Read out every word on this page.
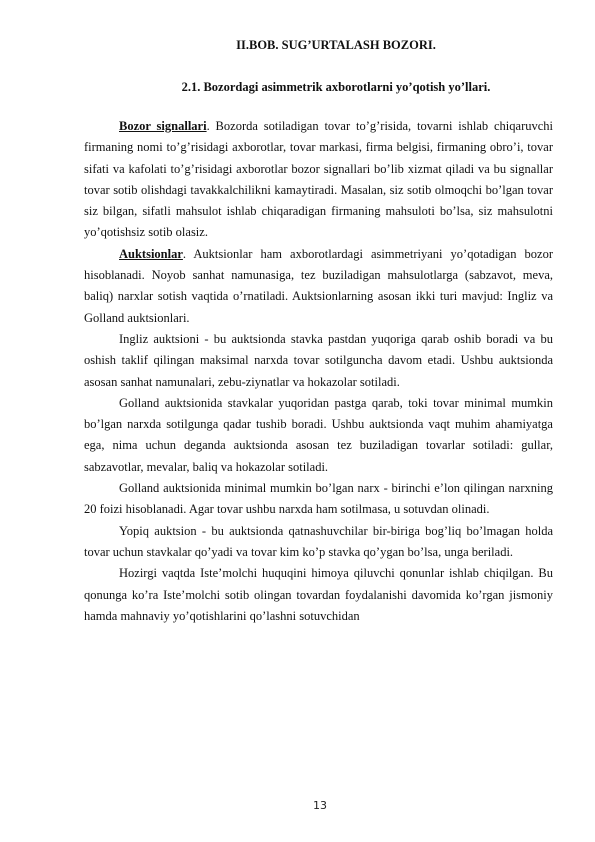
II.BOB. SUG’URTALASH BOZORI.
2.1. Bozordagi asimmetrik axborotlarni yo’qotish yo’llari.

Bozor signallari. Bozorda sotiladigan tovar to’g’risida, tovarni ishlab chiqaruvchi firmaning nomi to’g’risidagi axborotlar, tovar markasi, firma belgisi, firmaning obro’i, tovar sifati va kafolati to’g’risidagi axborotlar bozor signallari bo’lib xizmat qiladi va bu signallar tovar sotib olishdagi tavakkalchilikni kamaytiradi. Masalan, siz sotib olmoqchi bo’lgan tovar siz bilgan, sifatli mahsulot ishlab chiqaradigan firmaning mahsuloti bo’lsa, siz mahsulotni yo’qotishsiz sotib olasiz.

Auktsionlar. Auktsionlar ham axborotlardagi asimmetriyani yo’qotadigan bozor hisoblanadi. Noyob sanhat namunasiga, tez buziladigan mahsulotlarga (sabzavot, meva, baliq) narxlar sotish vaqtida o’rnatiladi. Auktsionlarning asosan ikki turi mavjud: Ingliz va Golland auktsionlari.

Ingliz auktsioni - bu auktsionda stavka pastdan yuqoriga qarab oshib boradi va bu oshish taklif qilingan maksimal narxda tovar sotilguncha davom etadi. Ushbu auktsionda asosan sanhat namunalari, zebu-ziynatlar va hokazolar sotiladi.

Golland auktsionida stavkalar yuqoridan pastga qarab, toki tovar minimal mumkin bo’lgan narxda sotilgunga qadar tushib boradi. Ushbu auktsionda vaqt muhim ahamiyatga ega, nima uchun deganda auktsionda asosan tez buziladigan tovarlar sotiladi: gullar, sabzavotlar, mevalar, baliq va hokazolar sotiladi.

Golland auktsionida minimal mumkin bo’lgan narx - birinchi e’lon qilingan narxning 20 foizi hisoblanadi. Agar tovar ushbu narxda ham sotilmasa, u sotuvdan olinadi.

Yopiq auktsion - bu auktsionda qatnashuvchilar bir-biriga bog’liq bo’lmagan holda tovar uchun stavkalar qo’yadi va tovar kim ko’p stavka qo’ygan bo’lsa, unga beriladi.

Hozirgi vaqtda Iste’molchi huquqini himoya qiluvchi qonunlar ishlab chiqilgan. Bu qonunga ko’ra Iste’molchi sotib olingan tovardan foydalanishi davomida ko’rgan jismoniy hamda mahnaviy yo’qotishlarini qo’lashni sotuvchidan

13
